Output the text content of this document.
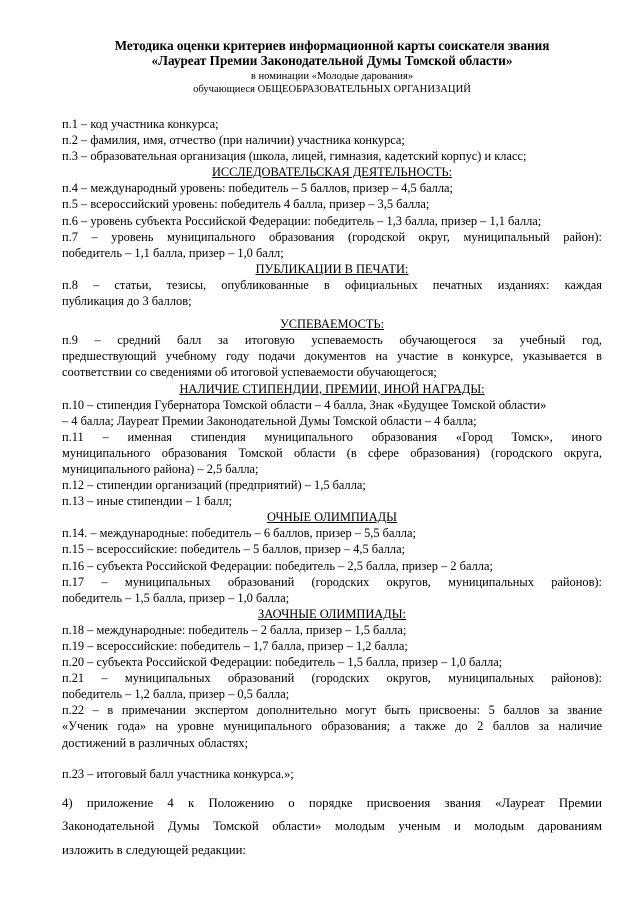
Методика оценки критериев информационной карты соискателя звания

«Лауреат Премии Законодательной Думы Томской области»

в номинации «Молодые дарования»

обучающиеся ОБЩЕОБРАЗОВАТЕЛЬНЫХ ОРГАНИЗАЦИЙ

п.1 – код участника конкурса;

п.2 – фамилия, имя, отчество (при наличии) участника конкурса;

п.3 – образовательная организация (школа, лицей, гимназия, кадетский корпус) и класс;

ИССЛЕДОВАТЕЛЬСКАЯ ДЕЯТЕЛЬНОСТЬ:

п.4 – международный уровень: победитель – 5 баллов, призер – 4,5 балла;

п.5 – всероссийский уровень: победитель 4 балла, призер – 3,5 балла;

п.6 – уровень субъекта Российской Федерации: победитель – 1,3 балла, призер – 1,1 балла;

п.7 – уровень муниципального образования (городской округ, муниципальный район):

победитель – 1,1 балла, призер – 1,0 балл;

ПУБЛИКАЦИИ В ПЕЧАТИ:

п.8 – статьи, тезисы, опубликованные в официальных печатных изданиях: каждая

публикация до 3 баллов;

УСПЕВАЕМОСТЬ:

п.9 – средний балл за итоговую успеваемость обучающегося за учебный год,

предшествующий учебному году подачи документов на участие в конкурсе, указывается в

соответствии со сведениями об итоговой успеваемости обучающегося;

НАЛИЧИЕ СТИПЕНДИИ, ПРЕМИИ, ИНОЙ НАГРАДЫ:

п.10 – стипендия Губернатора Томской области – 4 балла, Знак «Будущее Томской области»

– 4 балла; Лауреат Премии Законодательной Думы Томской области – 4 балла;

п.11 – именная стипендия муниципального образования «Город Томск», иного

муниципального образования Томской области (в сфере образования) (городского округа,

муниципального района) – 2,5 балла;

п.12 – стипендии организаций (предприятий) – 1,5 балла;

п.13 – иные стипендии – 1 балл;

ОЧНЫЕ ОЛИМПИАДЫ

п.14. – международные: победитель – 6 баллов, призер – 5,5 балла;

п.15 – всероссийские: победитель – 5 баллов, призер – 4,5 балла;

п.16 – субъекта Российской Федерации: победитель – 2,5 балла, призер – 2 балла;

п.17 – муниципальных образований (городских округов, муниципальных районов):

победитель – 1,5 балла, призер – 1,0 балла;

ЗАОЧНЫЕ ОЛИМПИАДЫ:

п.18 – международные: победитель – 2 балла, призер – 1,5 балла;

п.19 – всероссийские: победитель – 1,7 балла, призер – 1,2 балла;

п.20 – субъекта Российской Федерации: победитель – 1,5 балла, призер – 1,0 балла;

п.21 – муниципальных образований (городских округов, муниципальных районов):

победитель – 1,2 балла, призер – 0,5 балла;

п.22 – в примечании экспертом дополнительно могут быть присвоены: 5 баллов за звание

«Ученик года» на уровне муниципального образования; а также до 2 баллов за наличие

достижений в различных областях;

п.23 – итоговый балл участника конкурса.»;

4) приложение 4 к Положению о порядке присвоения звания «Лауреат Премии

Законодательной Думы Томской области» молодым ученым и молодым дарованиям

изложить в следующей редакции:
